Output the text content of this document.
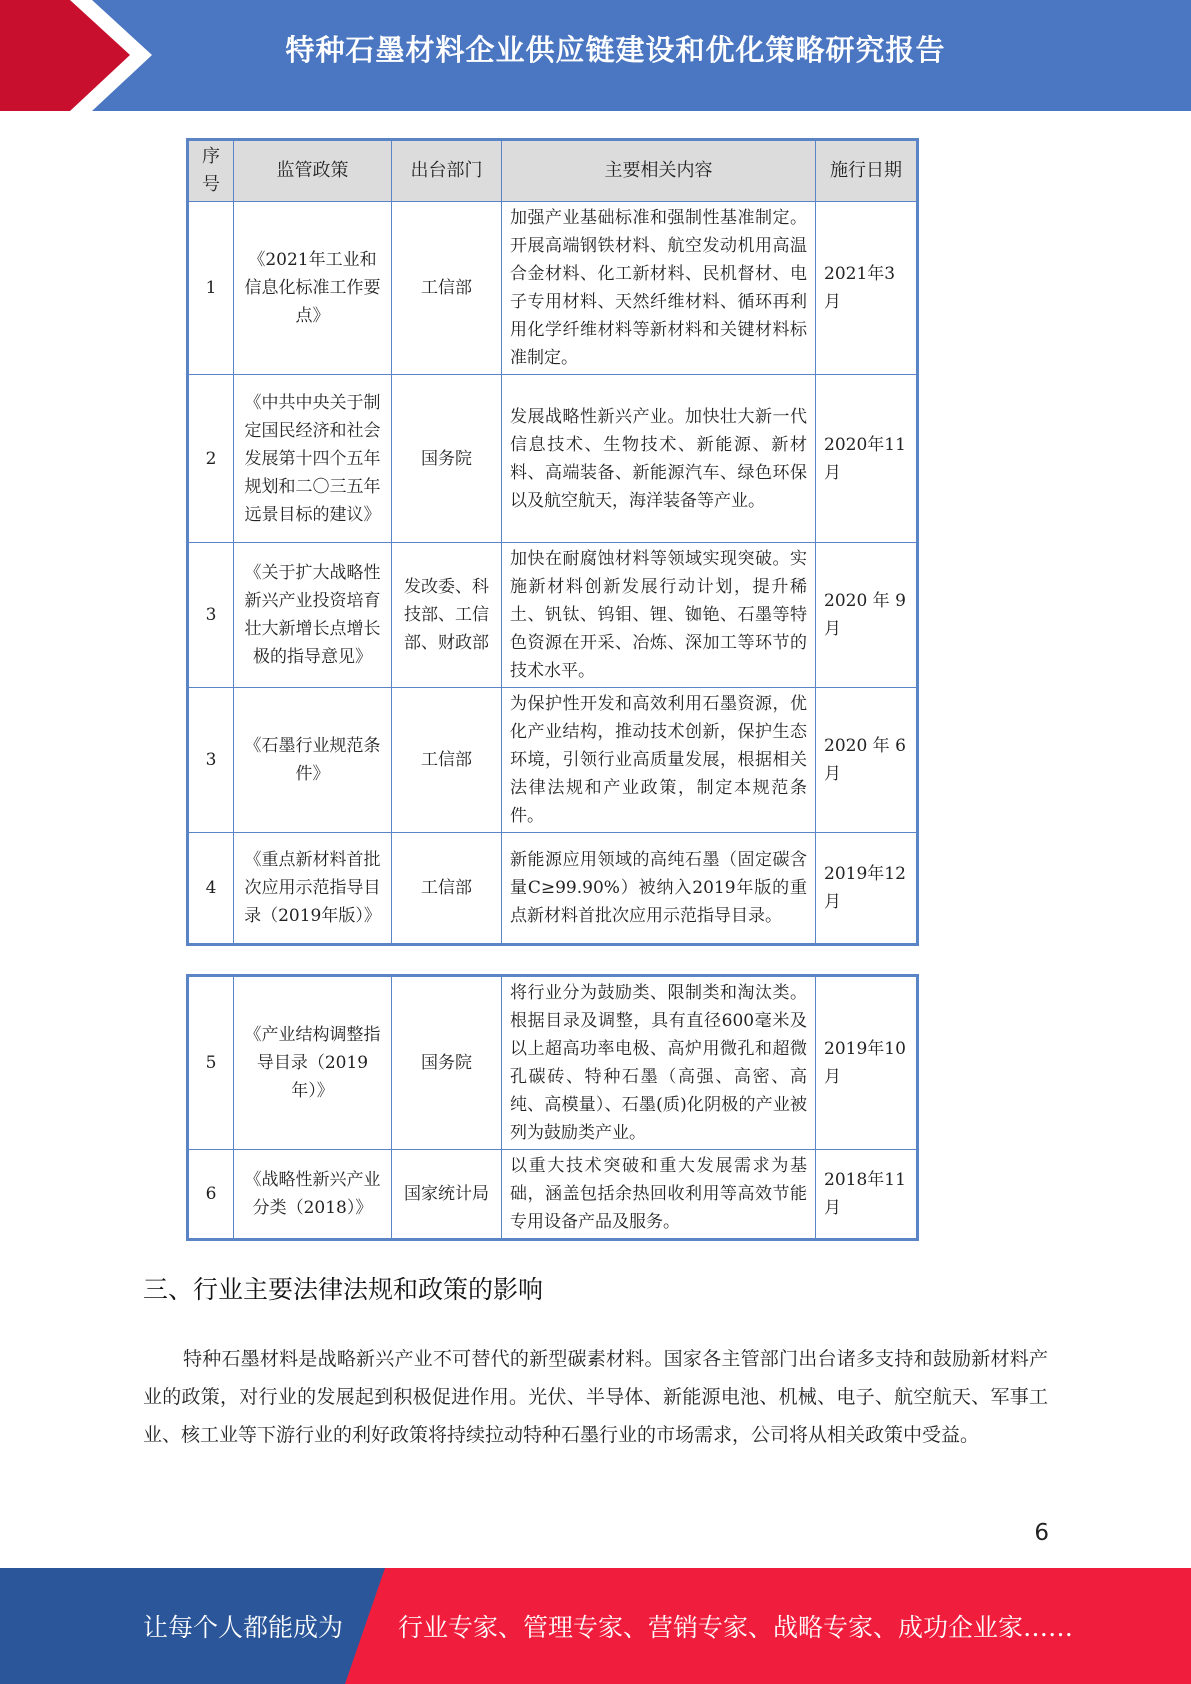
特种石墨材料企业供应链建设和优化策略研究报告
序号	监管政策	出台部门	主要相关内容	施行日期
1	《2021年工业和信息化标准工作要点》	工信部	加强产业基础标准和强制性基准制定。开展高端钢铁材料、航空发动机用高温合金材料、化工新材料、民机督材、电子专用材料、天然纤维材料、循环再利用化学纤维材料等新材料和关键材料标准制定。	2021年3月
2	《中共中央关于制定国民经济和社会发展第十四个五年规划和二〇三五年远景目标的建议》	国务院	发展战略性新兴产业。加快壮大新一代信息技术、生物技术、新能源、新材料、高端装备、新能源汽车、绿色环保以及航空航天，海洋装备等产业。	2020年11月
3	《关于扩大战略性新兴产业投资培育壮大新增长点增长极的指导意见》	发改委、科技部、工信部、财政部	加快在耐腐蚀材料等领域实现突破。实施新材料创新发展行动计划，提升稀土、钒钛、钨钼、锂、铷铯、石墨等特色资源在开采、冶炼、深加工等环节的技术水平。	2020 年 9月
3	《石墨行业规范条件》	工信部	为保护性开发和高效利用石墨资源，优化产业结构，推动技术创新，保护生态环境，引领行业高质量发展，根据相关法律法规和产业政策，制定本规范条件。	2020 年 6月
4	《重点新材料首批次应用示范指导目录（2019年版）》	工信部	新能源应用领域的高纯石墨（固定碳含量C≥99.90%）被纳入2019年版的重点新材料首批次应用示范指导目录。	2019年12月
5	《产业结构调整指导目录（2019年）》	国务院	将行业分为鼓励类、限制类和淘汰类。根据目录及调整，具有直径600毫米及以上超高功率电极、高炉用微孔和超微孔碳砖、特种石墨（高强、高密、高纯、高模量）、石墨(质)化阴极的产业被列为鼓励类产业。	2019年10月
6	《战略性新兴产业分类（2018）》	国家统计局	以重大技术突破和重大发展需求为基础，涵盖包括余热回收利用等高效节能专用设备产品及服务。	2018年11月
三、行业主要法律法规和政策的影响

特种石墨材料是战略新兴产业不可替代的新型碳素材料。国家各主管部门出台诸多支持和鼓励新材料产业的政策，对行业的发展起到积极促进作用。光伏、半导体、新能源电池、机械、电子、航空航天、军事工业、核工业等下游行业的利好政策将持续拉动特种石墨行业的市场需求，公司将从相关政策中受益。

6
让每个人都能成为 行业专家、管理专家、营销专家、战略专家、成功企业家……
